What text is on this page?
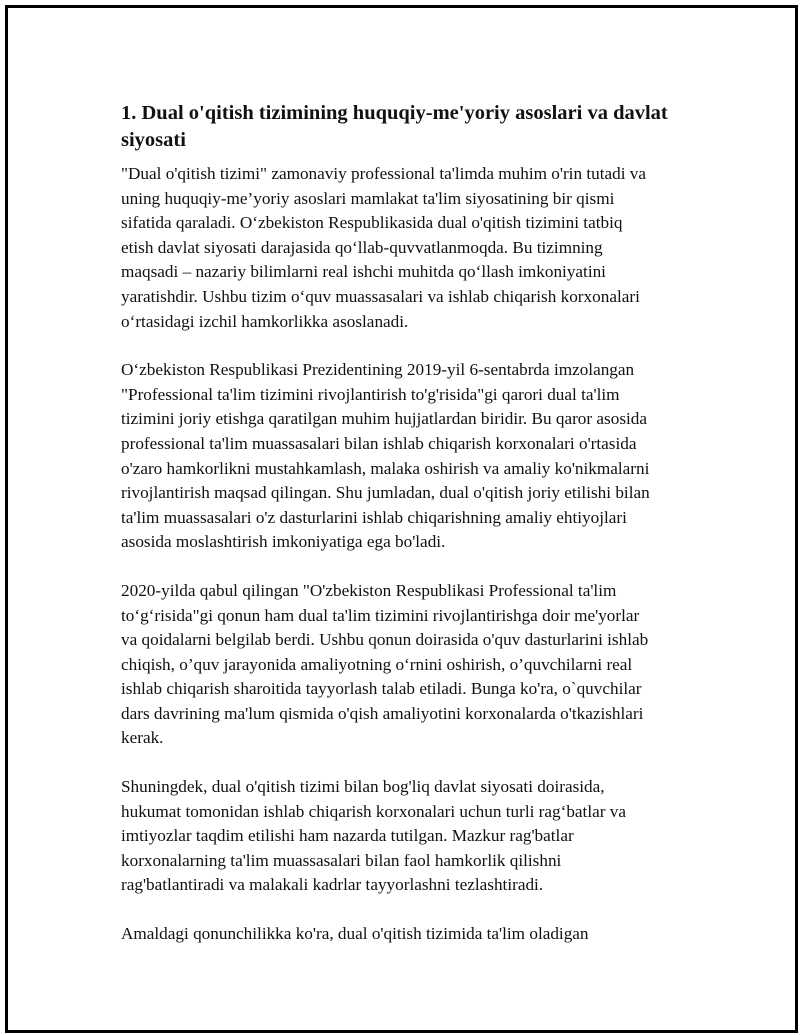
1. Dual o'qitish tizimining huquqiy-me'yoriy asoslari va davlat
siyosati

"Dual o'qitish tizimi" zamonaviy professional ta'limda muhim o'rin tutadi va
uning huquqiy-me’yoriy asoslari mamlakat ta'lim siyosatining bir qismi
sifatida qaraladi. O‘zbekiston Respublikasida dual o'qitish tizimini tatbiq
etish davlat siyosati darajasida qo‘llab-quvvatlanmoqda. Bu tizimning
maqsadi – nazariy bilimlarni real ishchi muhitda qo‘llash imkoniyatini
yaratishdir. Ushbu tizim o‘quv muassasalari va ishlab chiqarish korxonalari
o‘rtasidagi izchil hamkorlikka asoslanadi.

O‘zbekiston Respublikasi Prezidentining 2019-yil 6-sentabrda imzolangan
"Professional ta'lim tizimini rivojlantirish to'g'risida"gi qarori dual ta'lim
tizimini joriy etishga qaratilgan muhim hujjatlardan biridir. Bu qaror asosida
professional ta'lim muassasalari bilan ishlab chiqarish korxonalari o'rtasida
o'zaro hamkorlikni mustahkamlash, malaka oshirish va amaliy ko'nikmalarni
rivojlantirish maqsad qilingan. Shu jumladan, dual o'qitish joriy etilishi bilan
ta'lim muassasalari o'z dasturlarini ishlab chiqarishning amaliy ehtiyojlari
asosida moslashtirish imkoniyatiga ega bo'ladi.

2020-yilda qabul qilingan "O'zbekiston Respublikasi Professional ta'lim
to‘g‘risida"gi qonun ham dual ta'lim tizimini rivojlantirishga doir me'yorlar
va qoidalarni belgilab berdi. Ushbu qonun doirasida o'quv dasturlarini ishlab
chiqish, o’quv jarayonida amaliyotning o‘rnini oshirish, o’quvchilarni real
ishlab chiqarish sharoitida tayyorlash talab etiladi. Bunga ko'ra, o`quvchilar
dars davrining ma'lum qismida o'qish amaliyotini korxonalarda o'tkazishlari
kerak.

Shuningdek, dual o'qitish tizimi bilan bog'liq davlat siyosati doirasida,
hukumat tomonidan ishlab chiqarish korxonalari uchun turli rag‘batlar va
imtiyozlar taqdim etilishi ham nazarda tutilgan. Mazkur rag'batlar
korxonalarning ta'lim muassasalari bilan faol hamkorlik qilishni
rag'batlantiradi va malakali kadrlar tayyorlashni tezlashtiradi.

Amaldagi qonunchilikka ko'ra, dual o'qitish tizimida ta'lim oladigan
